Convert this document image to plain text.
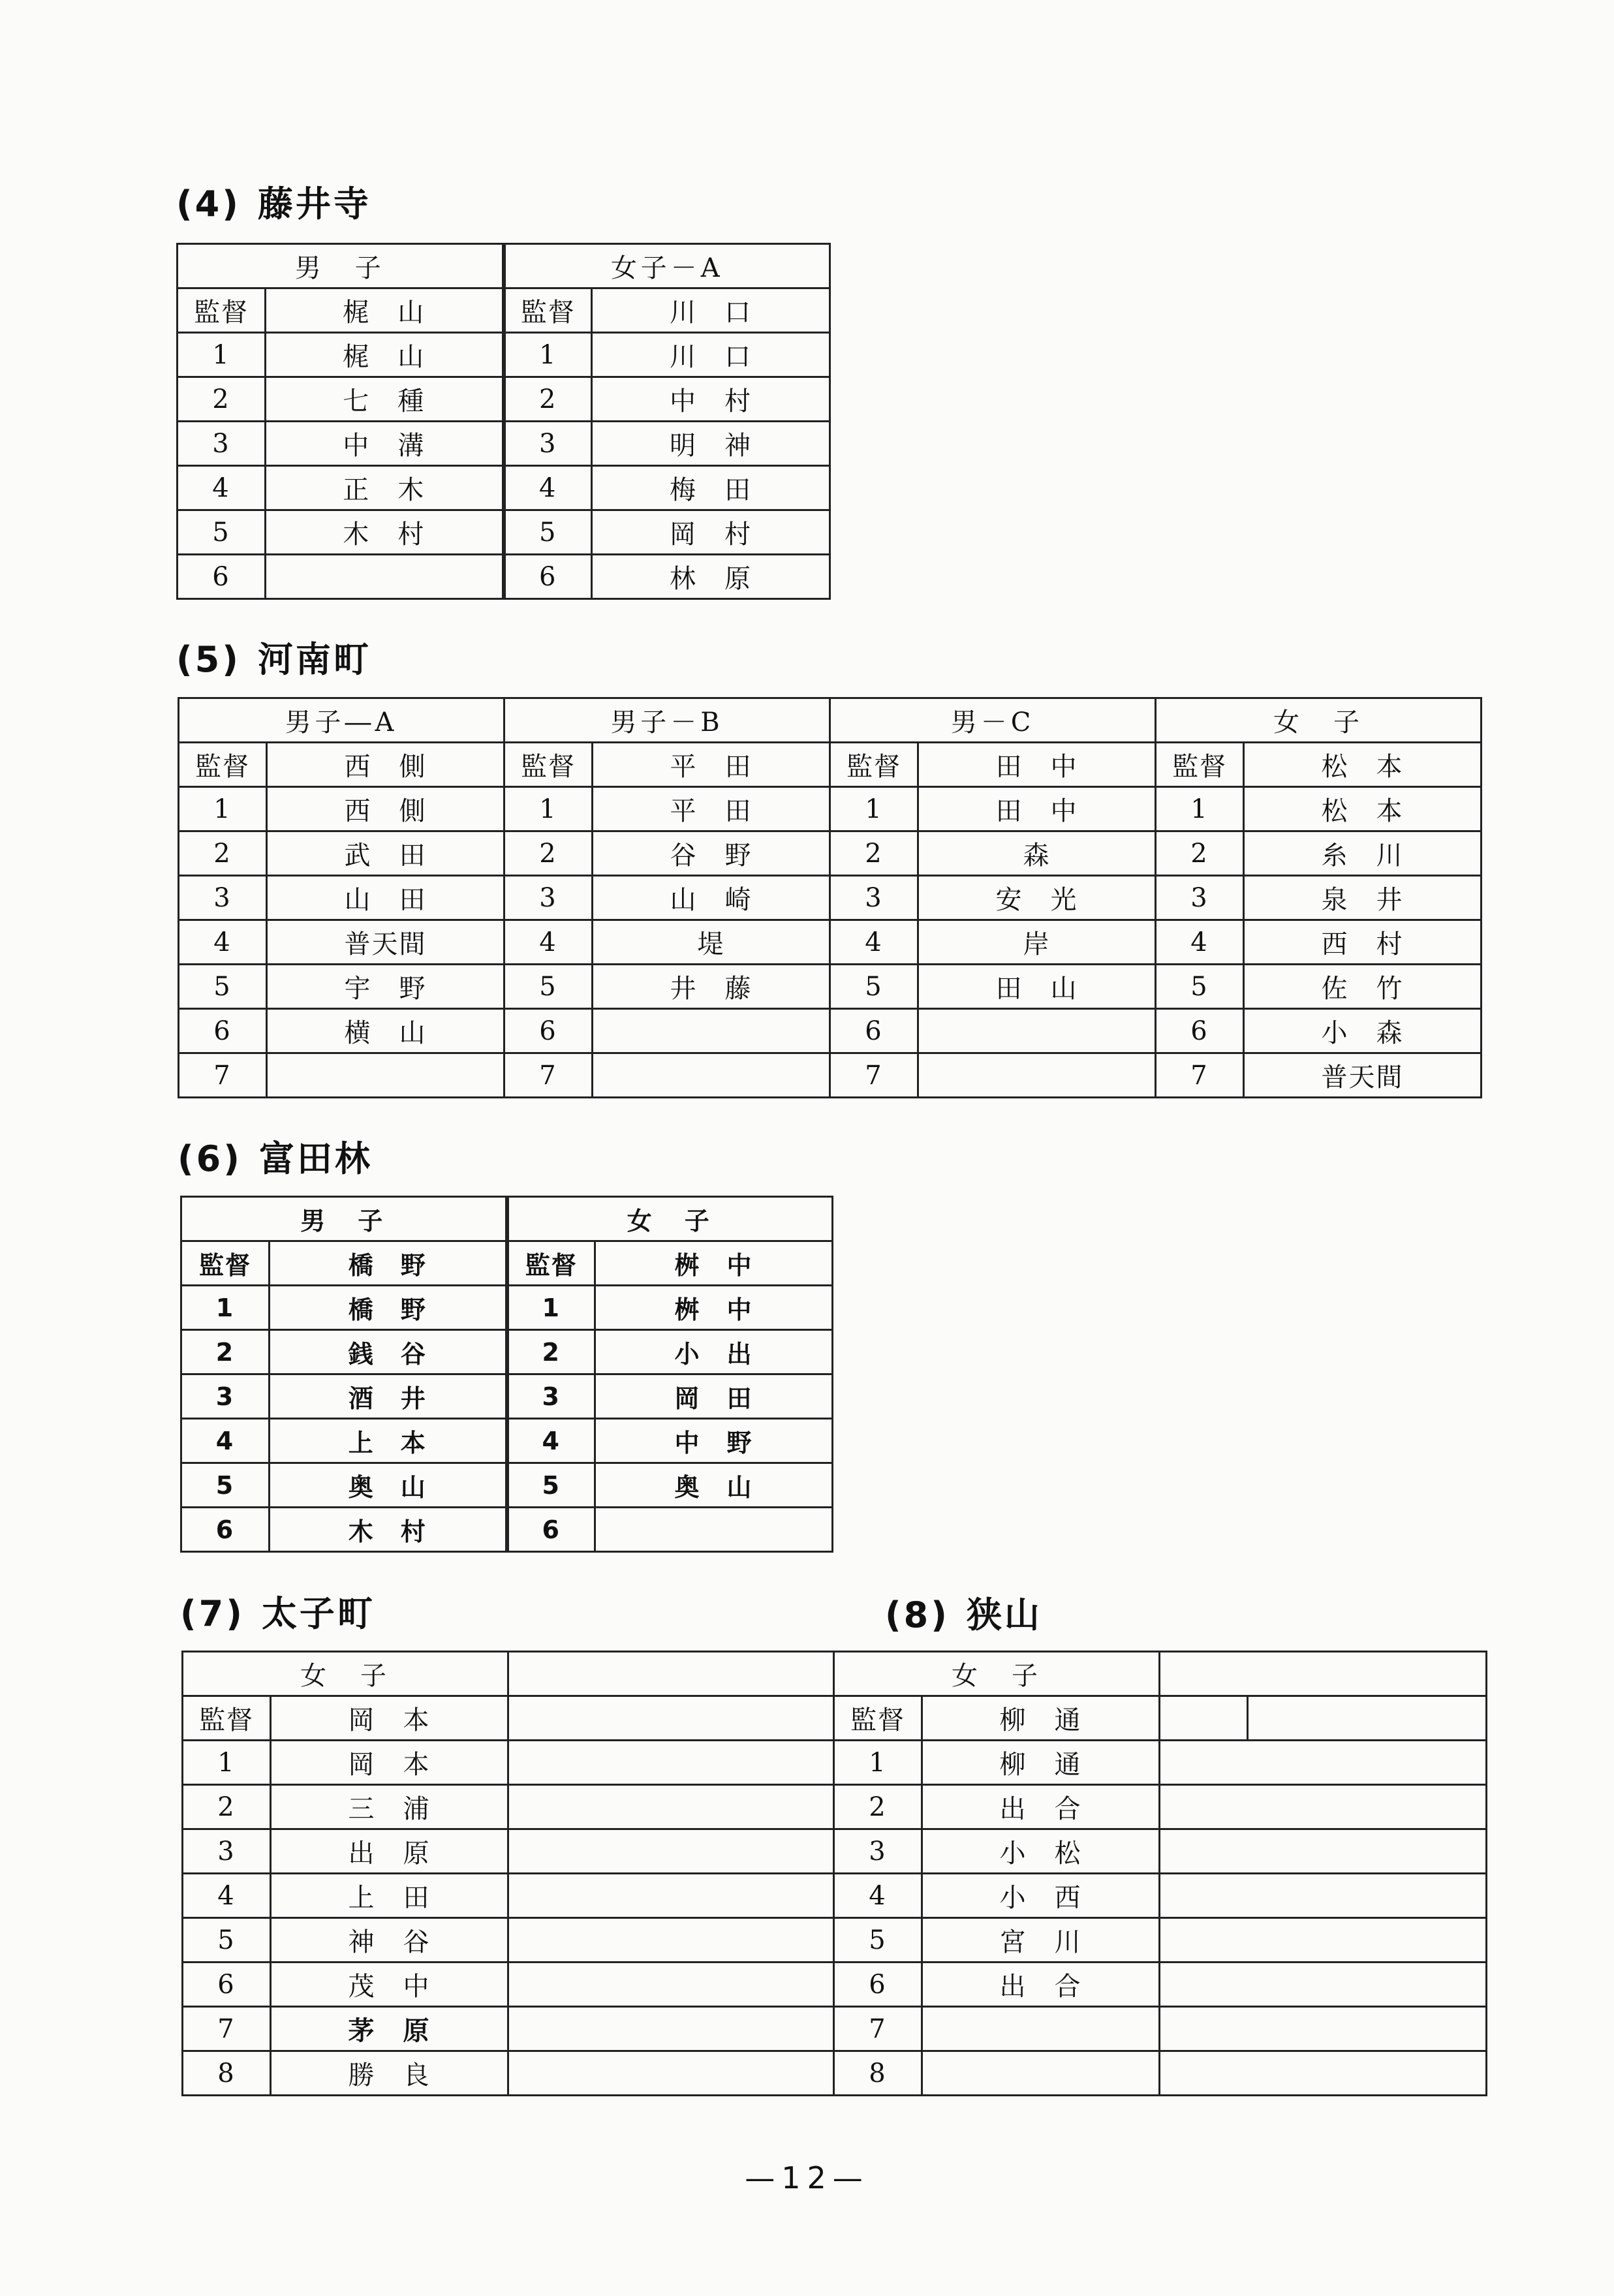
(4) 藤井寺
男　子		女子－A	
監督	梶　山	監督	川　口
1	梶　山	1	川　口
2	七　種	2	中　村
3	中　溝	3	明　神
4	正　木	4	梅　田
5	木　村	5	岡　村
6		6	林　原
(5) 河南町
男子―A		男子－B		男－C		女　子	
監督	西　側	監督	平　田	監督	田　中	監督	松　本
1	西　側	1	平　田	1	田　中	1	松　本
2	武　田	2	谷　野	2	森	2	糸　川
3	山　田	3	山　崎	3	安　光	3	泉　井
4	普天間	4	堤	4	岸	4	西　村
5	宇　野	5	井　藤	5	田　山	5	佐　竹
6	横　山	6		6		6	小　森
7		7		7		7	普天間
(6) 富田林
男　子		女　子	
監督	橋　野	監督	桝　中
1	橋　野	1	桝　中
2	銭　谷	2	小　出
3	酒　井	3	岡　田
4	上　本	4	中　野
5	奥　山	5	奥　山
6	木　村	6	
(7) 太子町	(8) 狭山
女　子			女　子			
監督	岡　本		監督	柳　通		
1	岡　本		1	柳　通		
2	三　浦		2	出　合		
3	出　原		3	小　松		
4	上　田		4	小　西		
5	神　谷		5	宮　川		
6	茂　中		6	出　合		
7	茅　原		7			
8	勝　良		8			
—12—
